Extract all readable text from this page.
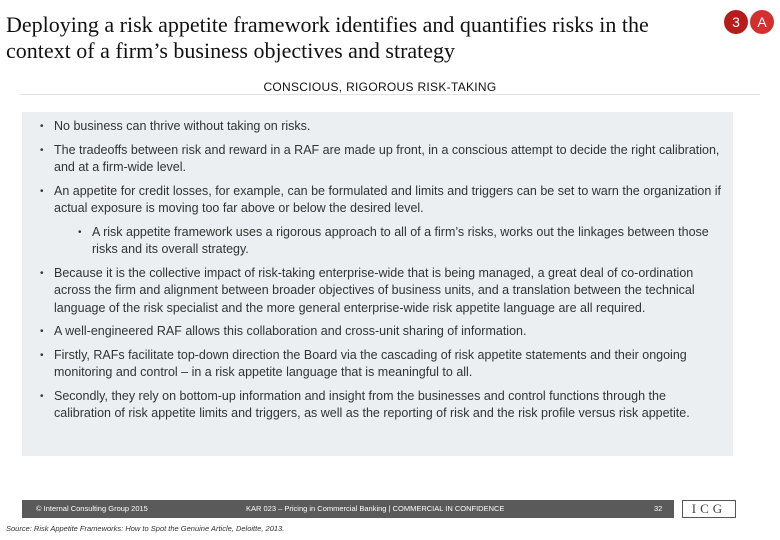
Deploying a risk appetite framework identifies and quantifies risks in the context of a firm’s business objectives and strategy
3	A
CONSCIOUS, RIGOROUS RISK-TAKING
• No business can thrive without taking on risks.
• The tradeoffs between risk and reward in a RAF are made up front, in a conscious attempt to decide the right calibration, and at a firm-wide level.
• An appetite for credit losses, for example, can be formulated and limits and triggers can be set to warn the organization if actual exposure is moving too far above or below the desired level.
• A risk appetite framework uses a rigorous approach to all of a firm’s risks, works out the linkages between those risks and its overall strategy.
• Because it is the collective impact of risk-taking enterprise-wide that is being managed, a great deal of co-ordination across the firm and alignment between broader objectives of business units, and a translation between the technical language of the risk specialist and the more general enterprise-wide risk appetite language are all required.
• A well-engineered RAF allows this collaboration and cross-unit sharing of information.
• Firstly, RAFs facilitate top-down direction the Board via the cascading of risk appetite statements and their ongoing monitoring and control – in a risk appetite language that is meaningful to all.
• Secondly, they rely on bottom-up information and insight from the businesses and control functions through the calibration of risk appetite limits and triggers, as well as the reporting of risk and the risk profile versus risk appetite.
© Internal Consulting Group 2015	KAR 023 – Pricing in Commercial Banking | COMMERCIAL IN CONFIDENCE	32	ICG
Source: Risk Appetite Frameworks: How to Spot the Genuine Article, Deloitte, 2013.
